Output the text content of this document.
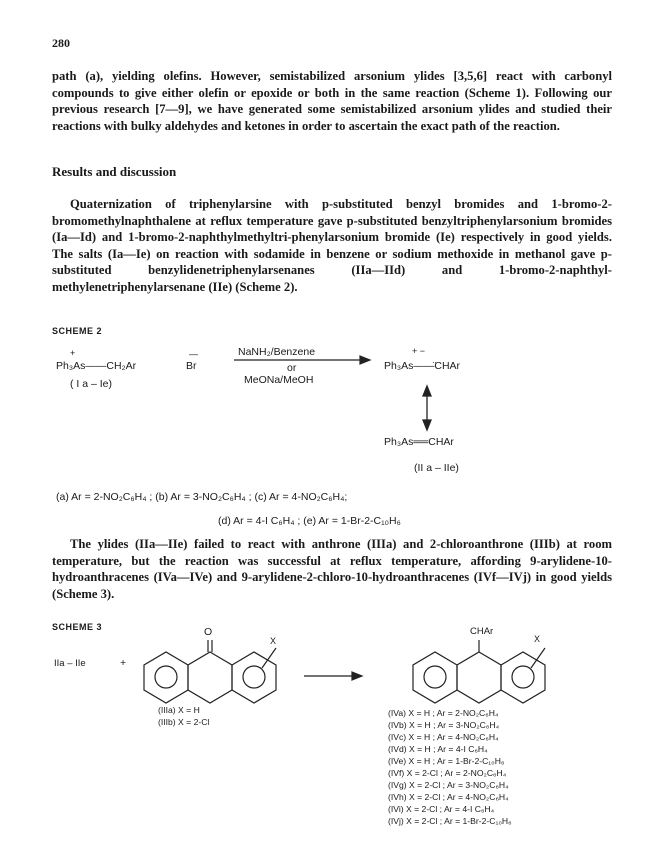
280

path (a), yielding olefins. However, semistabilized arsonium ylides [3,5,6] react with carbonyl compounds to give either olefin or epoxide or both in the same reaction (Scheme 1). Following our previous research [7—9], we have generated some semistabilized arsonium ylides and studied their reactions with bulky aldehydes and ketones in order to ascertain the exact path of the reaction.

Results and discussion

Quaternization of triphenylarsine with p-substituted benzyl bromides and 1-bromo-2-bromomethylnaphthalene at reflux temperature gave p-substituted benzyltriphenylarsonium bromides (Ia—Id) and 1-bromo-2-naphthylmethyltri-phenylarsonium bromide (Ie) respectively in good yields. The salts (Ia—Ie) on reaction with sodamide in benzene or sodium methoxide in methanol gave p-substituted benzylidenetriphenylarsenanes (IIa—IId) and 1-bromo-2-naphthyl-methylenetriphenylarsenane (IIe) (Scheme 2).

SCHEME 2
+
Ph₃As——CH₂Ar
—
Br
( I a – Ie)
NaNH₂/Benzene
or
MeONa/MeOH
+ −
Ph₃As——̈CHAr
Ph₃As══CHAr
(II a – IIe)
(a) Ar = 2-NO₂C₆H₄ ; (b) Ar = 3-NO₂C₆H₄ ; (c) Ar = 4-NO₂C₆H₄;
(d) Ar = 4-I C₆H₄ ; (e) Ar = 1-Br-2-C₁₀H₆

The ylides (IIa—IIe) failed to react with anthrone (IIIa) and 2-chloroanthrone (IIIb) at room temperature, but the reaction was successful at reflux temperature, affording 9-arylidene-10-hydroanthracenes (IVa—IVe) and 9-arylidene-2-chloro-10-hydroanthracenes (IVf—IVj) in good yields (Scheme 3).

SCHEME 3
IIa – IIe	+
O
X
CHAr
X
(IIIa) X = H
(IIIb) X = 2-Cl
(IVa) X = H ; Ar = 2-NO₂C₆H₄
(IVb) X = H ; Ar = 3-NO₂C₆H₄
(IVc) X = H ; Ar = 4-NO₂C₆H₄
(IVd) X = H ; Ar = 4-I C₆H₄
(IVe) X = H ; Ar = 1-Br-2-C₁₀H₆
(IVf) X = 2-Cl ; Ar = 2-NO₂C₆H₄
(IVg) X = 2-Cl ; Ar = 3-NO₂C₆H₄
(IVh) X = 2-Cl ; Ar = 4-NO₂C₆H₄
(IVi) X = 2-Cl ; Ar = 4-I C₆H₄
(IVj) X = 2-Cl ; Ar = 1-Br-2-C₁₀H₆
